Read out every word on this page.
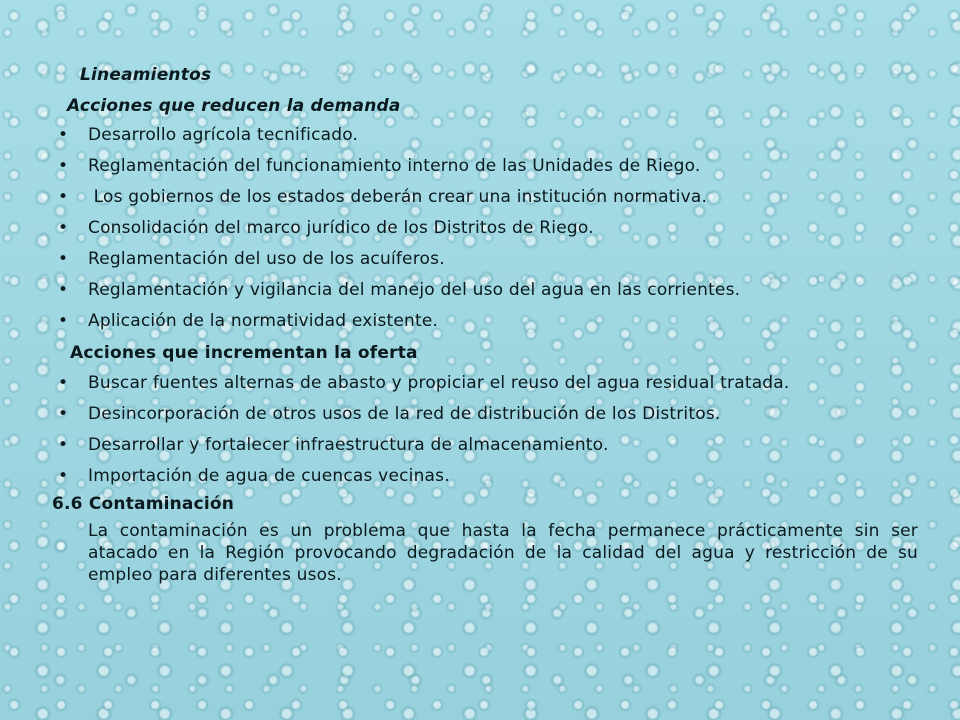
Lineamientos
Acciones que reducen la demanda
• Desarrollo agrícola tecnificado.
• Reglamentación del funcionamiento interno de las Unidades de Riego.
• Los gobiernos de los estados deberán crear una institución normativa.
• Consolidación del marco jurídico de los Distritos de Riego.
• Reglamentación del uso de los acuíferos.
• Reglamentación y vigilancia del manejo del uso del agua en las corrientes.
• Aplicación de la normatividad existente.
Acciones que incrementan la oferta
• Buscar fuentes alternas de abasto y propiciar el reuso del agua residual tratada.
• Desincorporación de otros usos de la red de distribución de los Distritos.
• Desarrollar y fortalecer infraestructura de almacenamiento.
• Importación de agua de cuencas vecinas.
6.6 Contaminación
La contaminación es un problema que hasta la fecha permanece prácticamente sin ser atacado en la Región provocando degradación de la calidad del agua y restricción de su empleo para diferentes usos.
